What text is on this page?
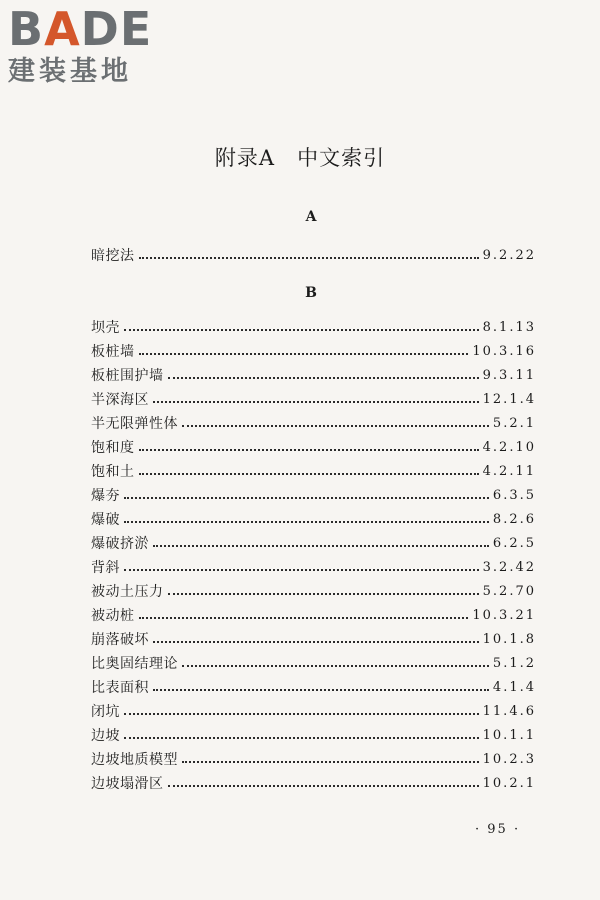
BADE
建装基地
附录A　中文索引
A
暗挖法	9.2.22
B
坝壳	8.1.13
板桩墙	10.3.16
板桩围护墙	9.3.11
半深海区	12.1.4
半无限弹性体	5.2.1
饱和度	4.2.10
饱和土	4.2.11
爆夯	6.3.5
爆破	8.2.6
爆破挤淤	6.2.5
背斜	3.2.42
被动土压力	5.2.70
被动桩	10.3.21
崩落破坏	10.1.8
比奥固结理论	5.1.2
比表面积	4.1.4
闭坑	11.4.6
边坡	10.1.1
边坡地质模型	10.2.3
边坡塌滑区	10.2.1
· 95 ·
